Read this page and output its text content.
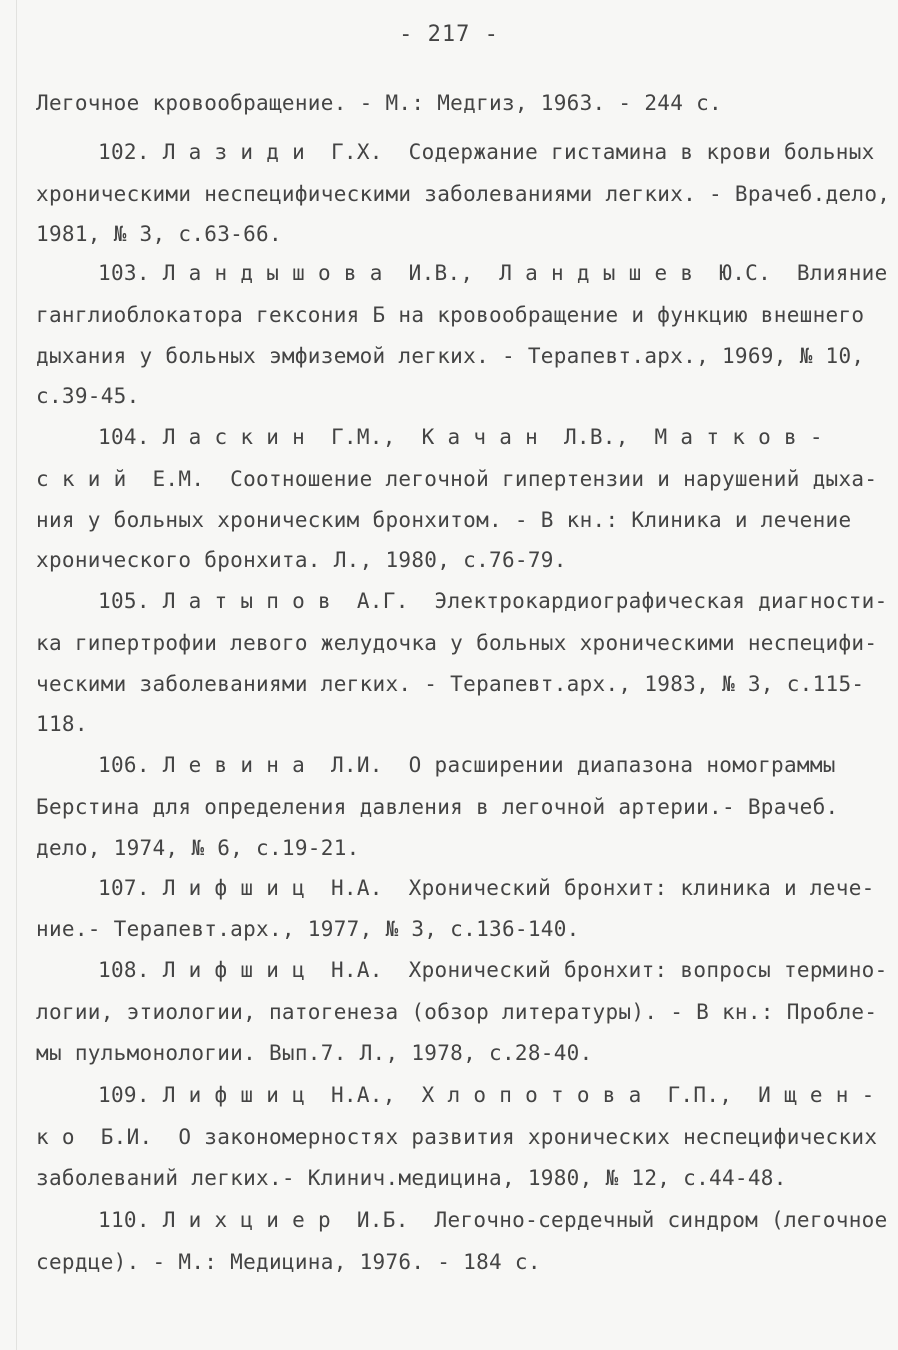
- 217 -
Легочное кровообращение. - М.: Медгиз, 1963. - 244 с.
102. Л а з и д и  Г.Х.  Содержание гистамина в крови больных
хроническими неспецифическими заболеваниями легких. - Врачеб.дело,
1981, № 3, с.63-66.
103. Л а н д ы ш о в а  И.В.,  Л а н д ы ш е в  Ю.С.  Влияние
ганглиоблокатора гексония Б на кровообращение и функцию внешнего
дыхания у больных эмфиземой легких. - Терапевт.арх., 1969, № 10,
с.39-45.
104. Л а с к и н  Г.М.,  К а ч а н  Л.В.,  М а т к о в -
с к и й  Е.М.  Соотношение легочной гипертензии и нарушений дыха-
ния у больных хроническим бронхитом. - В кн.: Клиника и лечение
хронического бронхита. Л., 1980, с.76-79.
105. Л а т ы п о в  А.Г.  Электрокардиографическая диагности-
ка гипертрофии левого желудочка у больных хроническими неспецифи-
ческими заболеваниями легких. - Терапевт.арх., 1983, № 3, с.115-
118.
106. Л е в и н а  Л.И.  О расширении диапазона номограммы
Берстина для определения давления в легочной артерии.- Врачеб.
дело, 1974, № 6, с.19-21.
107. Л и ф ш и ц  Н.А.  Хронический бронхит: клиника и лече-
ние.- Терапевт.арх., 1977, № 3, с.136-140.
108. Л и ф ш и ц  Н.А.  Хронический бронхит: вопросы термино-
логии, этиологии, патогенеза (обзор литературы). - В кн.: Пробле-
мы пульмонологии. Вып.7. Л., 1978, с.28-40.
109. Л и ф ш и ц  Н.А.,  Х л о п о т о в а  Г.П.,  И щ е н -
к о  Б.И.  О закономерностях развития хронических неспецифических
заболеваний легких.- Клинич.медицина, 1980, № 12, с.44-48.
110. Л и х ц и е р  И.Б.  Легочно-сердечный синдром (легочное
сердце). - М.: Медицина, 1976. - 184 с.
